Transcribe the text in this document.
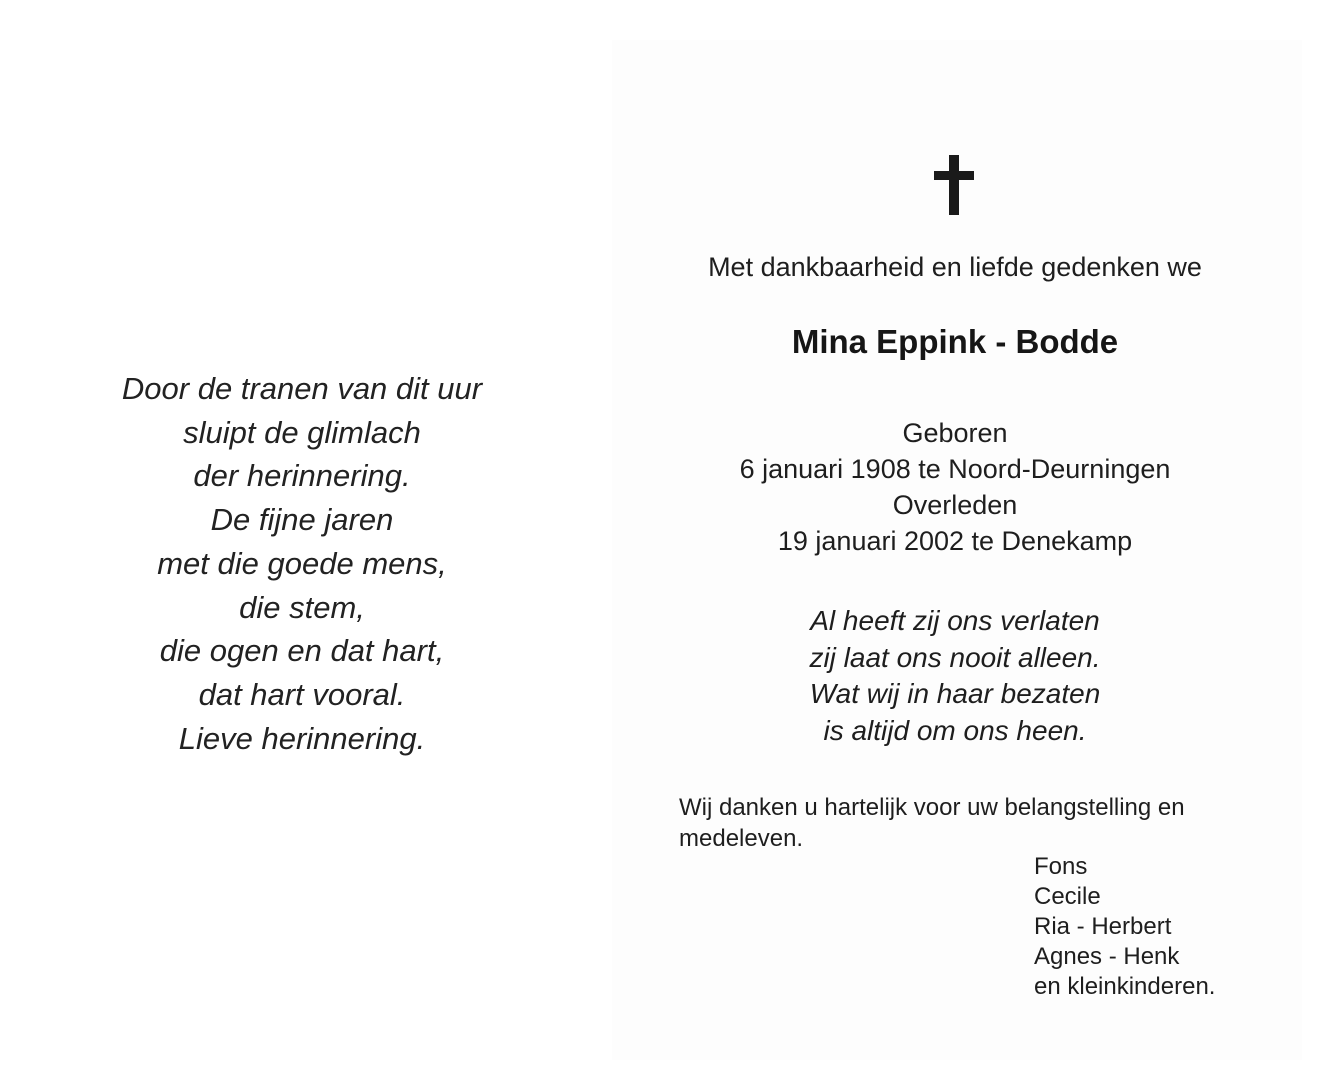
Door de tranen van dit uur
sluipt de glimlach
der herinnering.
De fijne jaren
met die goede mens,
die stem,
die ogen en dat hart,
dat hart vooral.
Lieve herinnering.
Met dankbaarheid en liefde gedenken we
Mina Eppink - Bodde
Geboren
6 januari 1908 te Noord-Deurningen
Overleden
19 januari 2002 te Denekamp
Al heeft zij ons verlaten
zij laat ons nooit alleen.
Wat wij in haar bezaten
is altijd om ons heen.
Wij danken u hartelijk voor uw belangstelling en medeleven.
Fons
Cecile
Ria - Herbert
Agnes - Henk
en kleinkinderen.
